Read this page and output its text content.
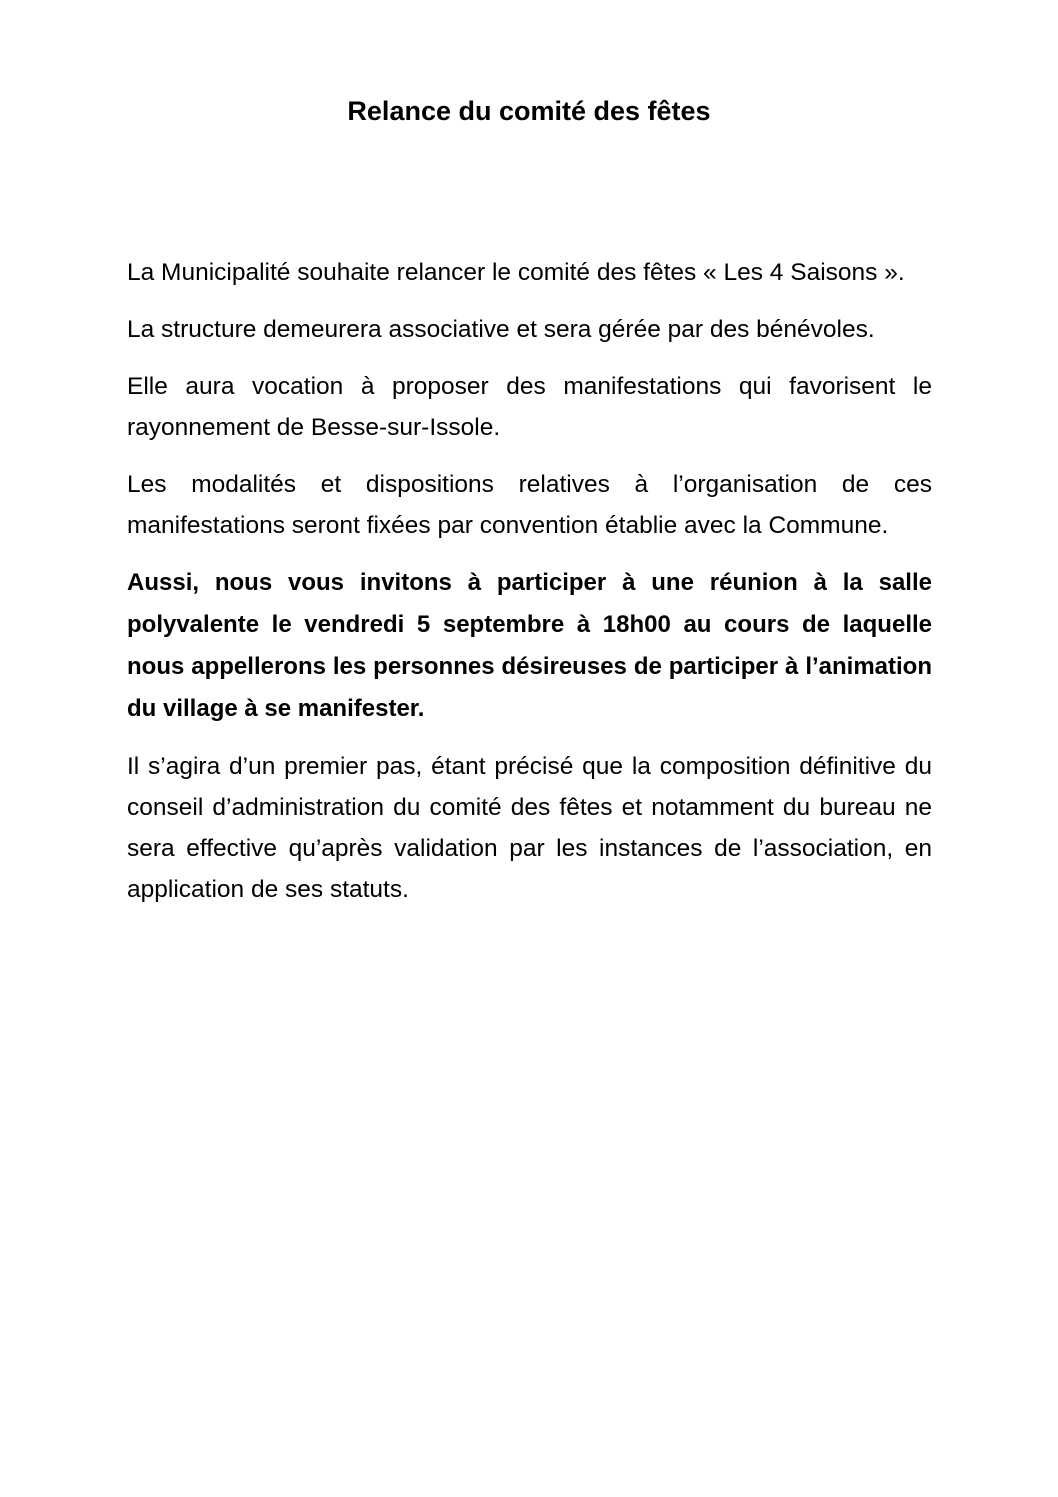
Relance du comité des fêtes

La Municipalité souhaite relancer le comité des fêtes « Les 4 Saisons ».

La structure demeurera associative et sera gérée par des bénévoles.

Elle aura vocation à proposer des manifestations qui favorisent le rayonnement de Besse-sur-Issole.

Les modalités et dispositions relatives à l’organisation de ces manifestations seront fixées par convention établie avec la Commune.

Aussi, nous vous invitons à participer à une réunion à la salle polyvalente le vendredi 5 septembre à 18h00 au cours de laquelle nous appellerons les personnes désireuses de participer à l’animation du village à se manifester.

Il s’agira d’un premier pas, étant précisé que la composition définitive du conseil d’administration du comité des fêtes et notamment du bureau ne sera effective qu’après validation par les instances de l’association, en application de ses statuts.
